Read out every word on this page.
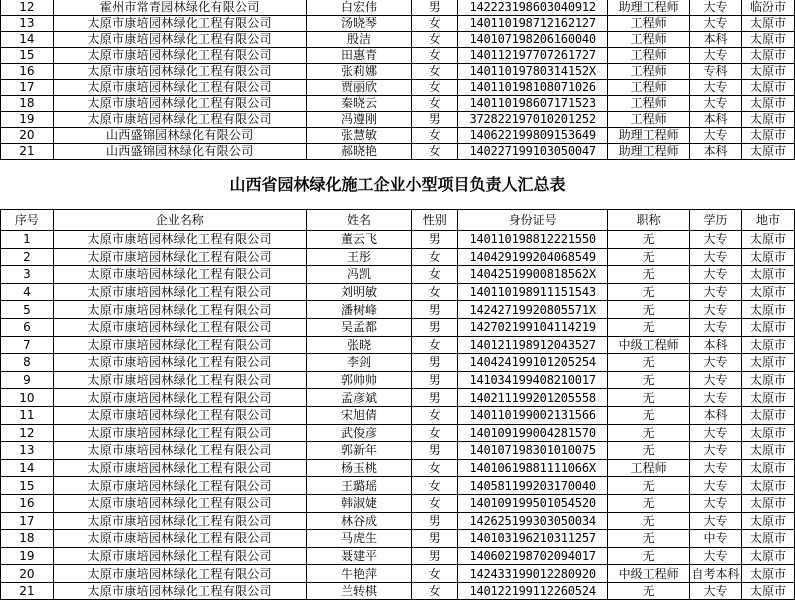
12	霍州市常青园林绿化有限公司	白宏伟	男	142223198603040912	助理工程师	大专	临汾市
13	太原市康培园林绿化工程有限公司	汤晓琴	女	140110198712162127	工程师	大专	太原市
14	太原市康培园林绿化工程有限公司	殷洁	女	140107198206160040	工程师	本科	太原市
15	太原市康培园林绿化工程有限公司	田惠青	女	140112197707261727	工程师	大专	太原市
16	太原市康培园林绿化工程有限公司	张莉娜	女	14011019780314152X	工程师	专科	太原市
17	太原市康培园林绿化工程有限公司	贾丽欣	女	140110198108071026	工程师	大专	太原市
18	太原市康培园林绿化工程有限公司	秦晓云	女	140110198607171523	工程师	大专	太原市
19	太原市康培园林绿化工程有限公司	冯遵刚	男	372822197010201252	工程师	本科	太原市
20	山西盛锦园林绿化有限公司	张慧敏	女	140622199809153649	助理工程师	大专	太原市
21	山西盛锦园林绿化有限公司	郝晓艳	女	140227199103050047	助理工程师	本科	太原市
山西省园林绿化施工企业小型项目负责人汇总表
序号	企业名称	姓名	性别	身份证号	职称	学历	地市
1	太原市康培园林绿化工程有限公司	董云飞	男	140110198812221550	无	大专	太原市
2	太原市康培园林绿化工程有限公司	王彤	女	140429199204068549	无	大专	太原市
3	太原市康培园林绿化工程有限公司	冯凯	女	14042519900818562X	无	大专	太原市
4	太原市康培园林绿化工程有限公司	刘明敏	女	140110198911151543	无	大专	太原市
5	太原市康培园林绿化工程有限公司	潘树峰	男	14242719920805571X	无	大专	太原市
6	太原市康培园林绿化工程有限公司	吴孟都	男	142702199104114219	无	大专	太原市
7	太原市康培园林绿化工程有限公司	张晓	女	140121198912043527	中级工程师	本科	太原市
8	太原市康培园林绿化工程有限公司	李剑	男	140424199101205254	无	大专	太原市
9	太原市康培园林绿化工程有限公司	郭帅帅	男	141034199408210017	无	大专	太原市
10	太原市康培园林绿化工程有限公司	孟彦斌	男	140211199201205558	无	大专	太原市
11	太原市康培园林绿化工程有限公司	宋旭倩	女	140110199002131566	无	本科	太原市
12	太原市康培园林绿化工程有限公司	武俊彦	女	140109199004281570	无	大专	太原市
13	太原市康培园林绿化工程有限公司	郭新年	男	140107198301010075	无	大专	太原市
14	太原市康培园林绿化工程有限公司	杨玉桃	女	14010619881111066X	工程师	大专	太原市
15	太原市康培园林绿化工程有限公司	王璐瑶	女	140581199203170040	无	大专	太原市
16	太原市康培园林绿化工程有限公司	韩淑婕	女	140109199501054520	无	大专	太原市
17	太原市康培园林绿化工程有限公司	林谷成	男	142625199303050034	无	大专	太原市
18	太原市康培园林绿化工程有限公司	马虎生	男	140103196210311257	无	中专	太原市
19	太原市康培园林绿化工程有限公司	聂建平	男	140602198702094017	无	大专	太原市
20	太原市康培园林绿化工程有限公司	牛艳萍	女	142433199012280920	中级工程师	自考本科	太原市
21	太原市康培园林绿化工程有限公司	兰转棋	女	140122199112260524	无	大专	太原市
